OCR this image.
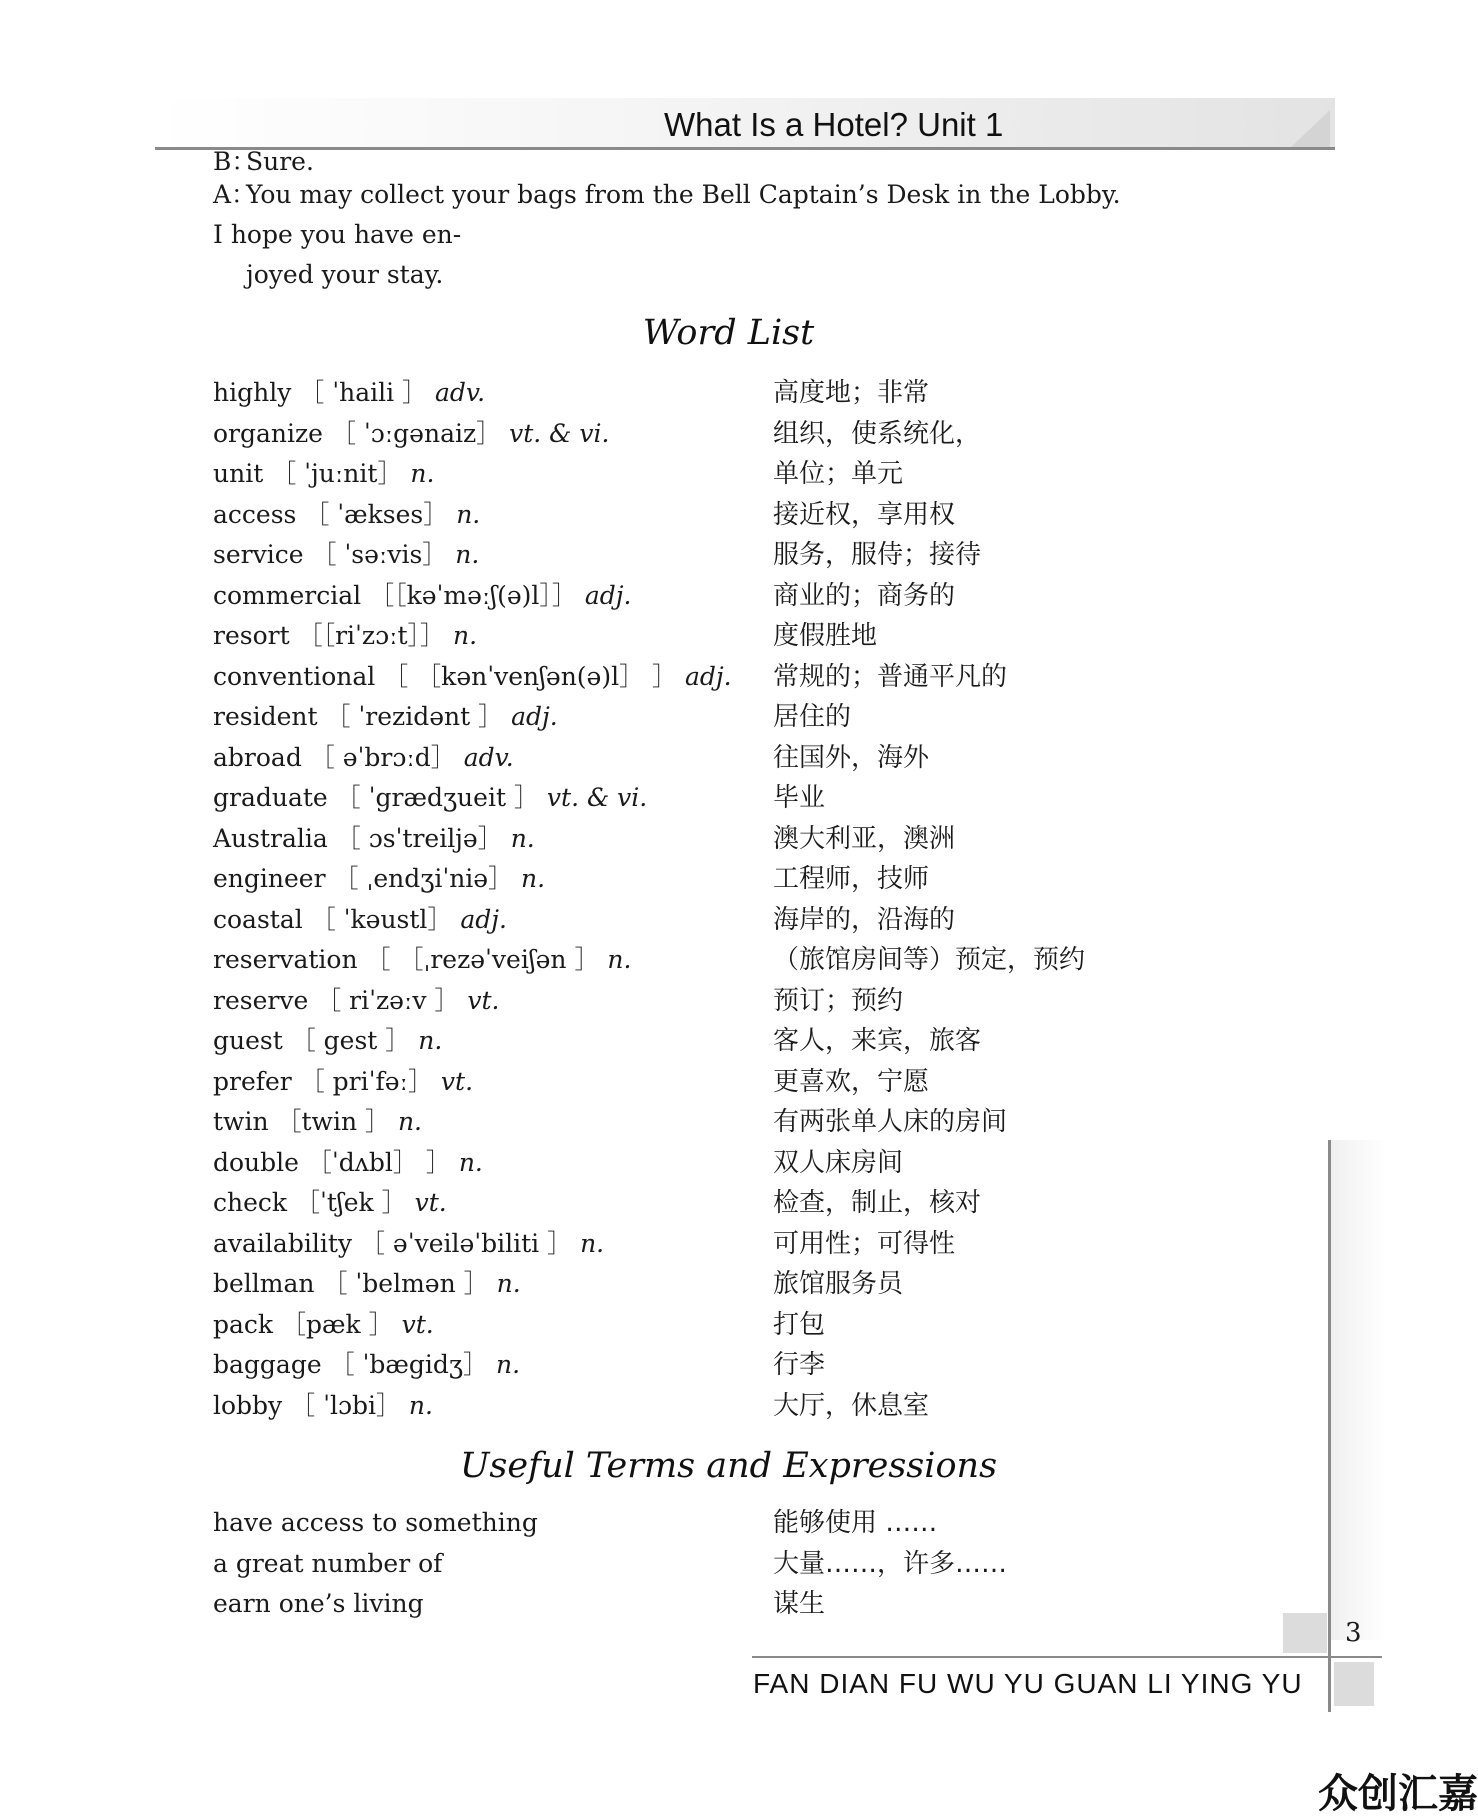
What Is a Hotel? Unit 1
B：Sure.
A：You may collect your bags from the Bell Captain’s Desk in the Lobby. I hope you have en-
joyed your stay.
Word List
highly ［ ˈhaili ］ adv.	高度地；非常
organize ［ ˈɔːgənaiz］ vt. & vi.	组织，使系统化，
unit ［ ˈjuːnit］ n.	单位；单元
access ［ ˈækses］ n.	接近权，享用权
service ［ ˈsəːvis］ n.	服务，服侍；接待
commercial ［［kəˈməːʃ(ə)l］］ adj.	商业的；商务的
resort ［［riˈzɔːt］］ n.	度假胜地
conventional ［ ［kənˈvenʃən(ə)l］ ］ adj. 常规的；普通平凡的
resident ［ ˈrezidənt ］ adj.	居住的
abroad ［ əˈbrɔːd］ adv.	往国外，海外
graduate ［ ˈgrædʒueit ］ vt. & vi.	毕业
Australia ［ ɔsˈtreiljə］ n.	澳大利亚，澳洲
engineer ［ ˌendʒiˈniə］ n.	工程师，技师
coastal ［ ˈkəustl］ adj.	海岸的，沿海的
reservation ［ ［ˌrezəˈveiʃən ］ n.	（旅馆房间等）预定，预约
reserve ［ riˈzəːv ］ vt.	预订；预约
guest ［ gest ］ n.	客人，来宾，旅客
prefer ［ priˈfəː］ vt.	更喜欢，宁愿
twin ［twin ］ n.	有两张单人床的房间
double ［ˈdʌbl］ ］ n.	双人床房间
check ［ˈtʃek ］ vt.	检查，制止，核对
availability ［ əˈveiləˈbiliti ］ n.	可用性；可得性
bellman ［ ˈbelmən ］ n.	旅馆服务员
pack ［pæk ］ vt.	打包
baggage ［ ˈbægidʒ］ n.	行李
lobby ［ ˈlɔbi］ n.	大厅，休息室
Useful Terms and Expressions
have access to something	能够使用 ……
a great number of	大量……，许多……
earn one’s living	谋生
3
FAN DIAN FU WU YU GUAN LI YING YU
众创汇嘉
